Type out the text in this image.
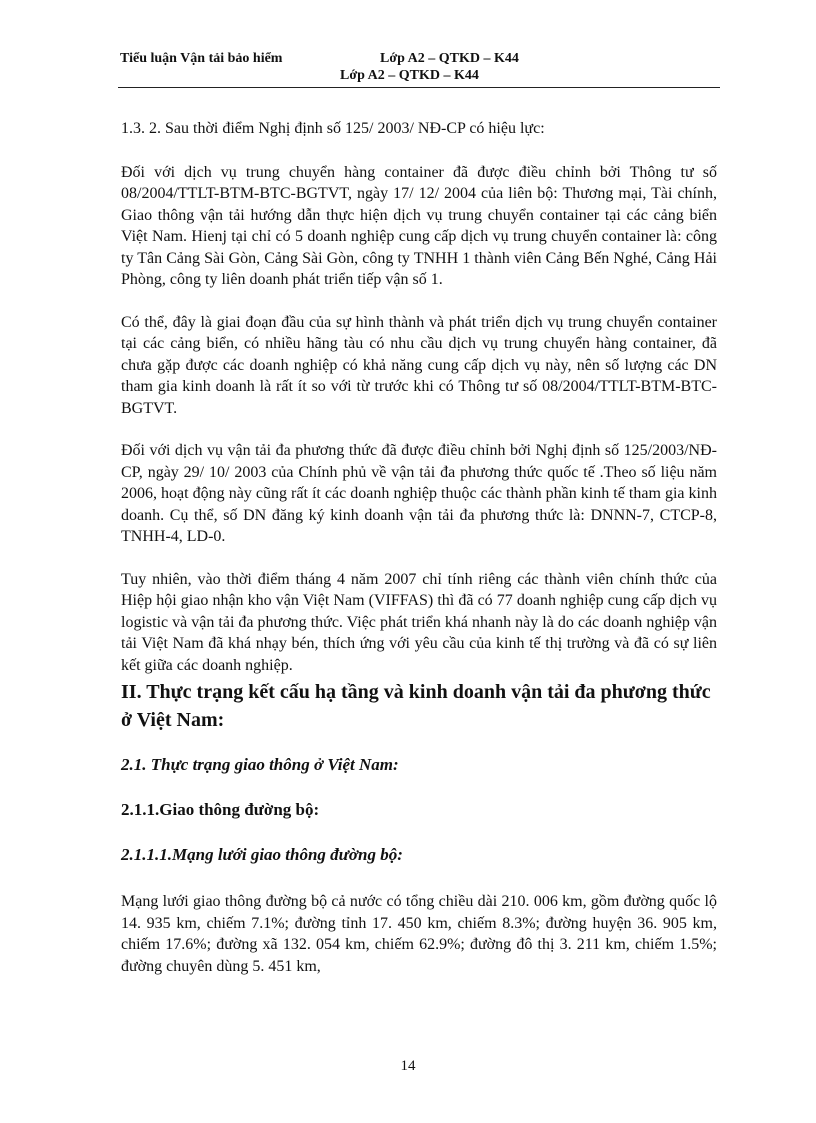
Tiểu luận Vận tải bảo hiểm	Lớp A2 – QTKD – K44
Lớp A2 – QTKD – K44

1.3. 2. Sau thời điểm Nghị định số 125/ 2003/ NĐ-CP có hiệu lực:

Đối với dịch vụ trung chuyển hàng container đã được điều chỉnh bởi Thông tư số 08/2004/TTLT-BTM-BTC-BGTVT, ngày 17/ 12/ 2004 của liên bộ: Thương mại, Tài chính, Giao thông vận tải hướng dẫn thực hiện dịch vụ trung chuyển container tại các cảng biển Việt Nam. Hienj tại chỉ có 5 doanh nghiệp cung cấp dịch vụ trung chuyển container là: công ty Tân Cảng Sài Gòn, Cảng Sài Gòn, công ty TNHH 1 thành viên Cảng Bến Nghé, Cảng Hải Phòng, công ty liên doanh phát triển tiếp vận số 1.

Có thể, đây là giai đoạn đầu của sự hình thành và phát triển dịch vụ trung chuyển container tại các cảng biển, có nhiều hãng tàu có nhu cầu dịch vụ trung chuyển hàng container, đã chưa gặp được các doanh nghiệp có khả năng cung cấp dịch vụ này, nên số lượng các DN tham gia kinh doanh là rất ít so với từ trước khi có Thông tư số 08/2004/TTLT-BTM-BTC-BGTVT.

Đối với dịch vụ vận tải đa phương thức đã được điều chỉnh bởi Nghị định số 125/2003/NĐ-CP, ngày 29/ 10/ 2003 của Chính phủ về vận tải đa phương thức quốc tế .Theo số liệu năm 2006, hoạt động này cũng rất ít các doanh nghiệp thuộc các thành phần kinh tế tham gia kinh doanh. Cụ thể, số DN đăng ký kinh doanh vận tải đa phương thức là: DNNN-7, CTCP-8, TNHH-4, LD-0.

Tuy nhiên, vào thời điểm tháng 4 năm 2007 chỉ tính riêng các thành viên chính thức của Hiệp hội giao nhận kho vận Việt Nam (VIFFAS) thì đã có 77 doanh nghiệp cung cấp dịch vụ logistic và vận tải đa phương thức. Việc phát triển khá nhanh này là do các doanh nghiệp vận tải Việt Nam đã khá nhạy bén, thích ứng với yêu cầu của kinh tế thị trường và đã có sự liên kết giữa các doanh nghiệp.

II. Thực trạng kết cấu hạ tầng và kinh doanh vận tải đa phương thức ở Việt Nam:

2.1. Thực trạng giao thông ở Việt Nam:

2.1.1.Giao thông đường bộ:

2.1.1.1.Mạng lưới giao thông đường bộ:

Mạng lưới giao thông đường bộ cả nước có tổng chiều dài 210. 006 km, gồm đường quốc lộ 14. 935 km, chiếm 7.1%; đường tỉnh 17. 450 km, chiếm 8.3%; đường huyện 36. 905 km, chiếm 17.6%; đường xã 132. 054 km, chiếm 62.9%; đường đô thị 3. 211 km, chiếm 1.5%; đường chuyên dùng 5. 451 km,

14
